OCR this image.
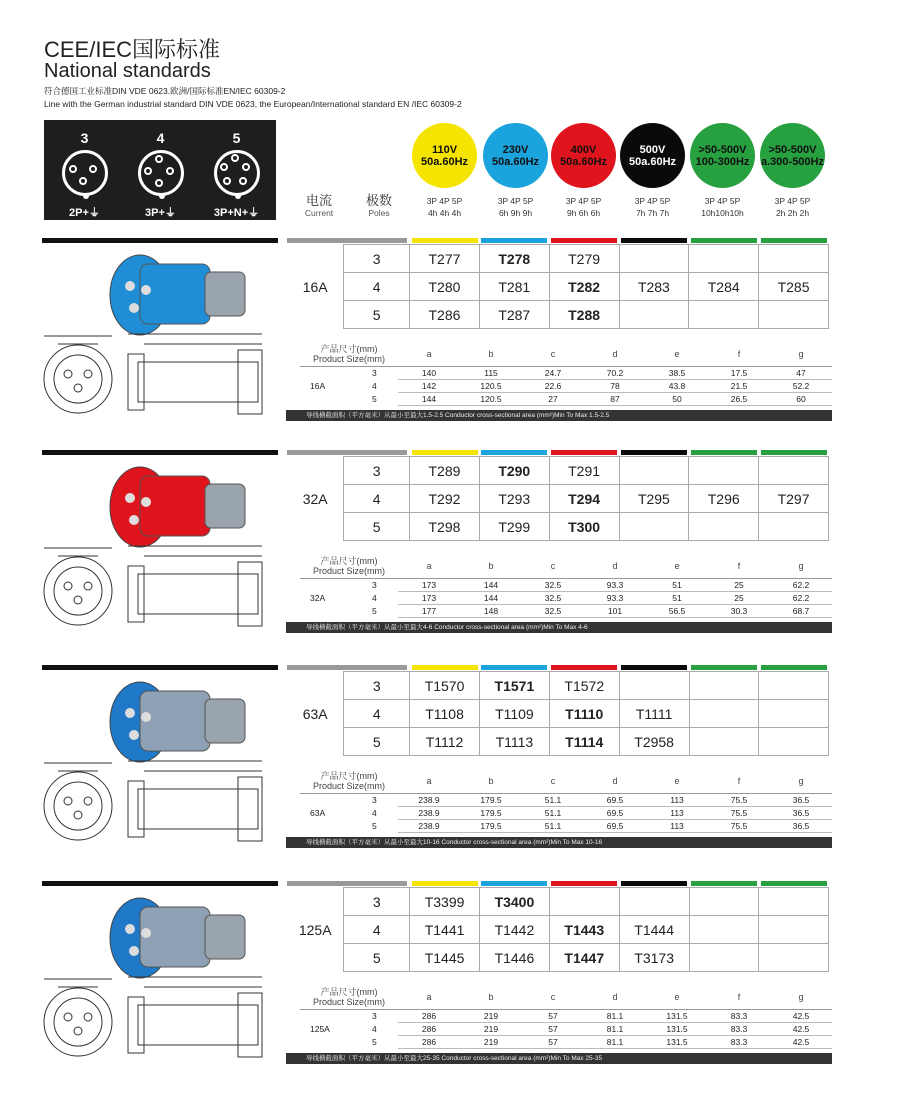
CEE/IEC国际标准
National standards
符合德国工业标准DIN VDE 0623.欧洲/国际标准EN/IEC 60309-2
Line with the German industrial standard DIN VDE 0623, the European/International standard EN /IEC 60309-2
3
2P+⏚
4
3P+⏚
5
3P+N+⏚
电流
Current
极数
Poles
110V
50a.60Hz
3P 4P 5P
4h 4h 4h
230V
50a.60Hz
3P 4P 5P
6h 9h 9h
400V
50a.60Hz
3P 4P 5P
9h 6h 6h
500V
50a.60Hz
3P 4P 5P
7h 7h 7h
>50-500V
100-300Hz
3P 4P 5P
10h10h10h
>50-500V
a.300-500Hz
3P 4P 5P
2h 2h 2h
16A	3	T277	T278	T279			
	4	T280	T281	T282	T283	T284	T285
	5	T286	T287	T288			
产品尺寸(mm)
Product Size(mm)	a	b	c	d	e	f	g

3	140	115	24.7	70.2	38.5	17.5	47

16A 4	142	120.5	22.6	78	43.8	21.5	52.2

5	144	120.5	27	87	50	26.5	60
导线横截面积（平方毫米）从最小至最大1.5-2.5 Conductor cross-sectional area (mm²)Min To Max 1.5-2.5
32A	3	T289	T290	T291			
	4	T292	T293	T294	T295	T296	T297
	5	T298	T299	T300			
产品尺寸(mm)
Product Size(mm)	a	b	c	d	e	f	g

3	173	144	32.5	93.3	51	25	62.2

32A 4	173	144	32.5	93.3	51	25	62.2

5	177	148	32.5	101	56.5	30.3	68.7
导线横截面积（平方毫米）从最小至最大4-6 Conductor cross-sectional area (mm²)Min To Max 4-6
63A	3	T1570	T1571	T1572			
	4	T1108	T1109	T1110	T1111		
	5	T1112	T1113	T1114	T2958		
产品尺寸(mm)
Product Size(mm)	a	b	c	d	e	f	g

3	238.9	179.5	51.1	69.5	113	75.5	36.5

63A 4	238.9	179.5	51.1	69.5	113	75.5	36.5

5	238.9	179.5	51.1	69.5	113	75.5	36.5
导线横截面积（平方毫米）从最小至最大10-16 Conductor cross-sectional area (mm²)Min To Max 10-16
125A	3	T3399	T3400				
	4	T1441	T1442	T1443	T1444		
	5	T1445	T1446	T1447	T3173		
产品尺寸(mm)
Product Size(mm)	a	b	c	d	e	f	g

3	286	219	57	81.1	131.5	83.3	42.5

125A 4	286	219	57	81.1	131.5	83.3	42.5

5	286	219	57	81.1	131.5	83.3	42.5
导线横截面积（平方毫米）从最小至最大25-35 Conductor cross-sectional area (mm²)Min To Max 25-35
